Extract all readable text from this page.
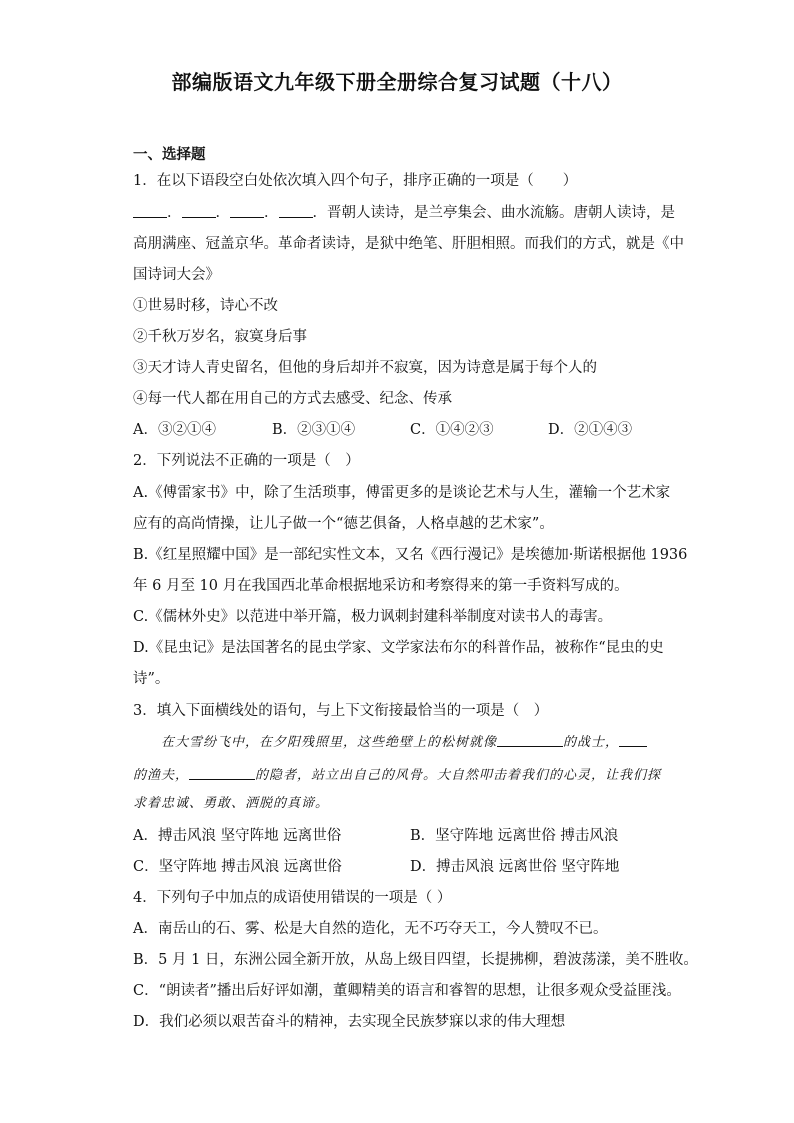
部编版语文九年级下册全册综合复习试题（十八）
一、选择题
1．在以下语段空白处依次填入四个句子，排序正确的一项是（　　）
． ． ． ．晋朝人读诗，是兰亭集会、曲水流觞。唐朝人读诗，是
高朋满座、冠盖京华。革命者读诗，是狱中绝笔、肝胆相照。而我们的方式，就是《中
国诗词大会》
①世易时移，诗心不改
②千秋万岁名，寂寞身后事
③天才诗人青史留名，但他的身后却并不寂寞，因为诗意是属于每个人的
④每一代人都在用自己的方式去感受、纪念、传承
A．③②①④	B．②③①④	C．①④②③	D．②①④③
2．下列说法不正确的一项是（　）
A.《傅雷家书》中，除了生活琐事，傅雷更多的是谈论艺术与人生，灌输一个艺术家
应有的高尚情操，让儿子做一个“德艺俱备，人格卓越的艺术家”。
B.《红星照耀中国》是一部纪实性文本，又名《西行漫记》是埃德加·斯诺根据他 1936
年 6 月至 10 月在我国西北革命根据地采访和考察得来的第一手资料写成的。
C.《儒林外史》以范进中举开篇，极力讽刺封建科举制度对读书人的毒害。
D.《昆虫记》是法国著名的昆虫学家、文学家法布尔的科普作品，被称作“昆虫的史
诗”。
3．填入下面横线处的语句，与上下文衔接最恰当的一项是（　）
在大雪纷飞中，在夕阳残照里，这些绝壁上的松树就像	的战士，
的渔夫，	的隐者，站立出自己的风骨。大自然叩击着我们的心灵，让我们探
求着忠诚、勇敢、洒脱的真谛。
A．搏击风浪 坚守阵地 远离世俗	B．坚守阵地 远离世俗 搏击风浪
C．坚守阵地 搏击风浪 远离世俗	D．搏击风浪 远离世俗 坚守阵地
4．下列句子中加点的成语使用错误的一项是（ ）
A．南岳山的石、雾、松是大自然的造化，无不巧夺天工，今人赞叹不已。
B．5 月 1 日，东洲公园全新开放，从岛上级目四望，长提拂柳，碧波荡漾，美不胜收。
C．“朗读者”播出后好评如潮，董卿精美的语言和睿智的思想，让很多观众受益匪浅。
D．我们必须以艰苦奋斗的精神，去实现全民族梦寐以求的伟大理想
